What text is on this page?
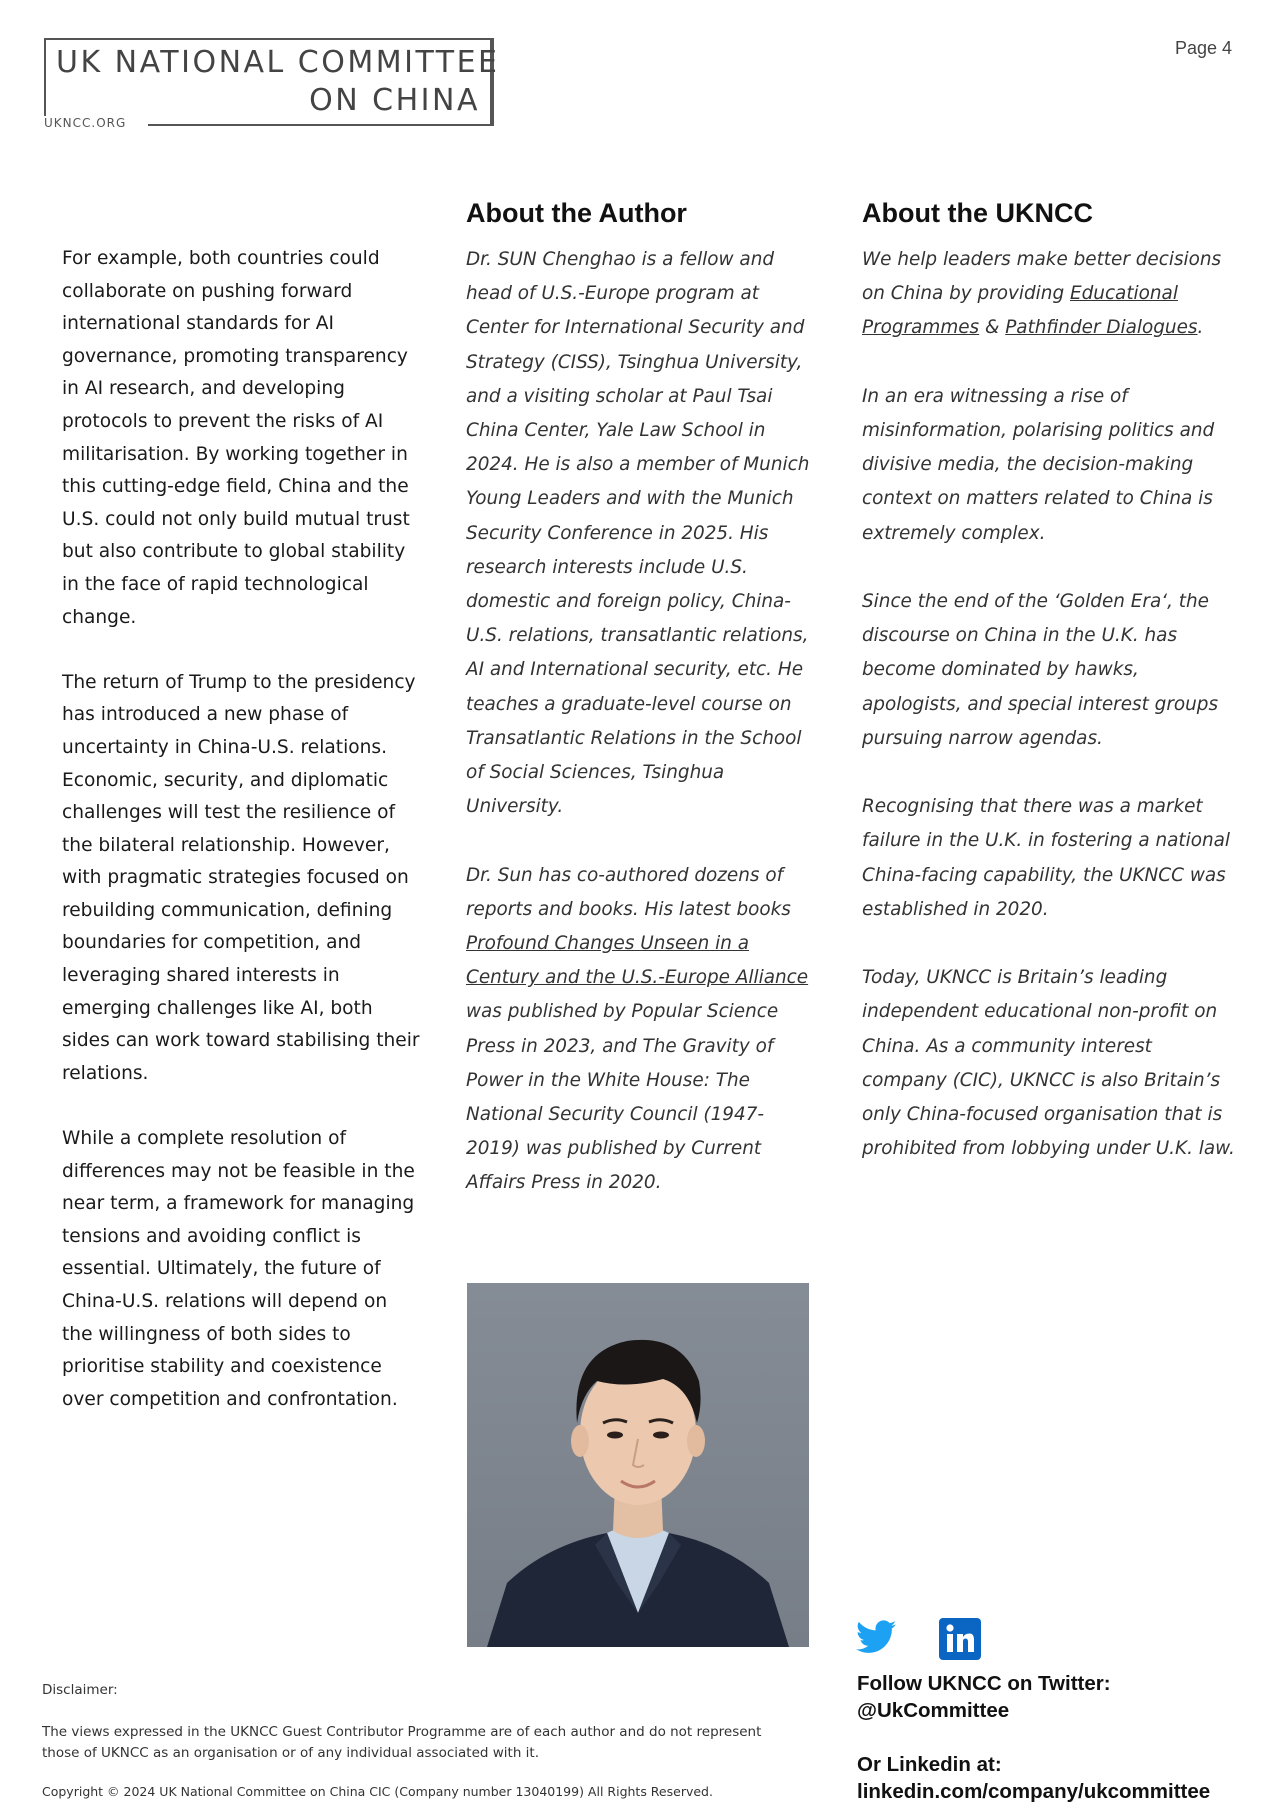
UK NATIONAL COMMITTEE
ON CHINA
UKNCC.ORG
Page 4

For example, both countries could collaborate on pushing forward international standards for AI governance, promoting transparency in AI research, and developing protocols to prevent the risks of AI militarisation. By working together in this cutting-edge field, China and the U.S. could not only build mutual trust but also contribute to global stability in the face of rapid technological change.

The return of Trump to the presidency has introduced a new phase of uncertainty in China-U.S. relations. Economic, security, and diplomatic challenges will test the resilience of the bilateral relationship. However, with pragmatic strategies focused on rebuilding communication, defining boundaries for competition, and leveraging shared interests in emerging challenges like AI, both sides can work toward stabilising their relations.

While a complete resolution of differences may not be feasible in the near term, a framework for managing tensions and avoiding conflict is essential. Ultimately, the future of China-U.S. relations will depend on the willingness of both sides to prioritise stability and coexistence over competition and confrontation.

About the Author

Dr. SUN Chenghao is a fellow and head of U.S.-Europe program at Center for International Security and Strategy (CISS), Tsinghua University, and a visiting scholar at Paul Tsai China Center, Yale Law School in 2024. He is also a member of Munich Young Leaders and with the Munich Security Conference in 2025. His research interests include U.S. domestic and foreign policy, China-U.S. relations, transatlantic relations, AI and International security, etc. He teaches a graduate-level course on Transatlantic Relations in the School of Social Sciences, Tsinghua University.

Dr. Sun has co-authored dozens of reports and books. His latest books Profound Changes Unseen in a Century and the U.S.-Europe Alliance was published by Popular Science Press in 2023, and The Gravity of Power in the White House: The National Security Council (1947-2019) was published by Current Affairs Press in 2020.

About the UKNCC

We help leaders make better decisions on China by providing Educational Programmes & Pathfinder Dialogues.

In an era witnessing a rise of misinformation, polarising politics and divisive media, the decision-making context on matters related to China is extremely complex.

Since the end of the ‘Golden Era‘, the discourse on China in the U.K. has become dominated by hawks, apologists, and special interest groups pursuing narrow agendas.

Recognising that there was a market failure in the U.K. in fostering a national China-facing capability, the UKNCC was established in 2020.

Today, UKNCC is Britain’s leading independent educational non-profit on China. As a community interest company (CIC), UKNCC is also Britain’s only China-focused organisation that is prohibited from lobbying under U.K. law.

Follow UKNCC on Twitter:

@UkCommittee

Or Linkedin at:

linkedin.com/company/ukcommittee

Disclaimer:

The views expressed in the UKNCC Guest Contributor Programme are of each author and do not represent those of UKNCC as an organisation or of any individual associated with it.

Copyright © 2024 UK National Committee on China CIC (Company number 13040199) All Rights Reserved.
